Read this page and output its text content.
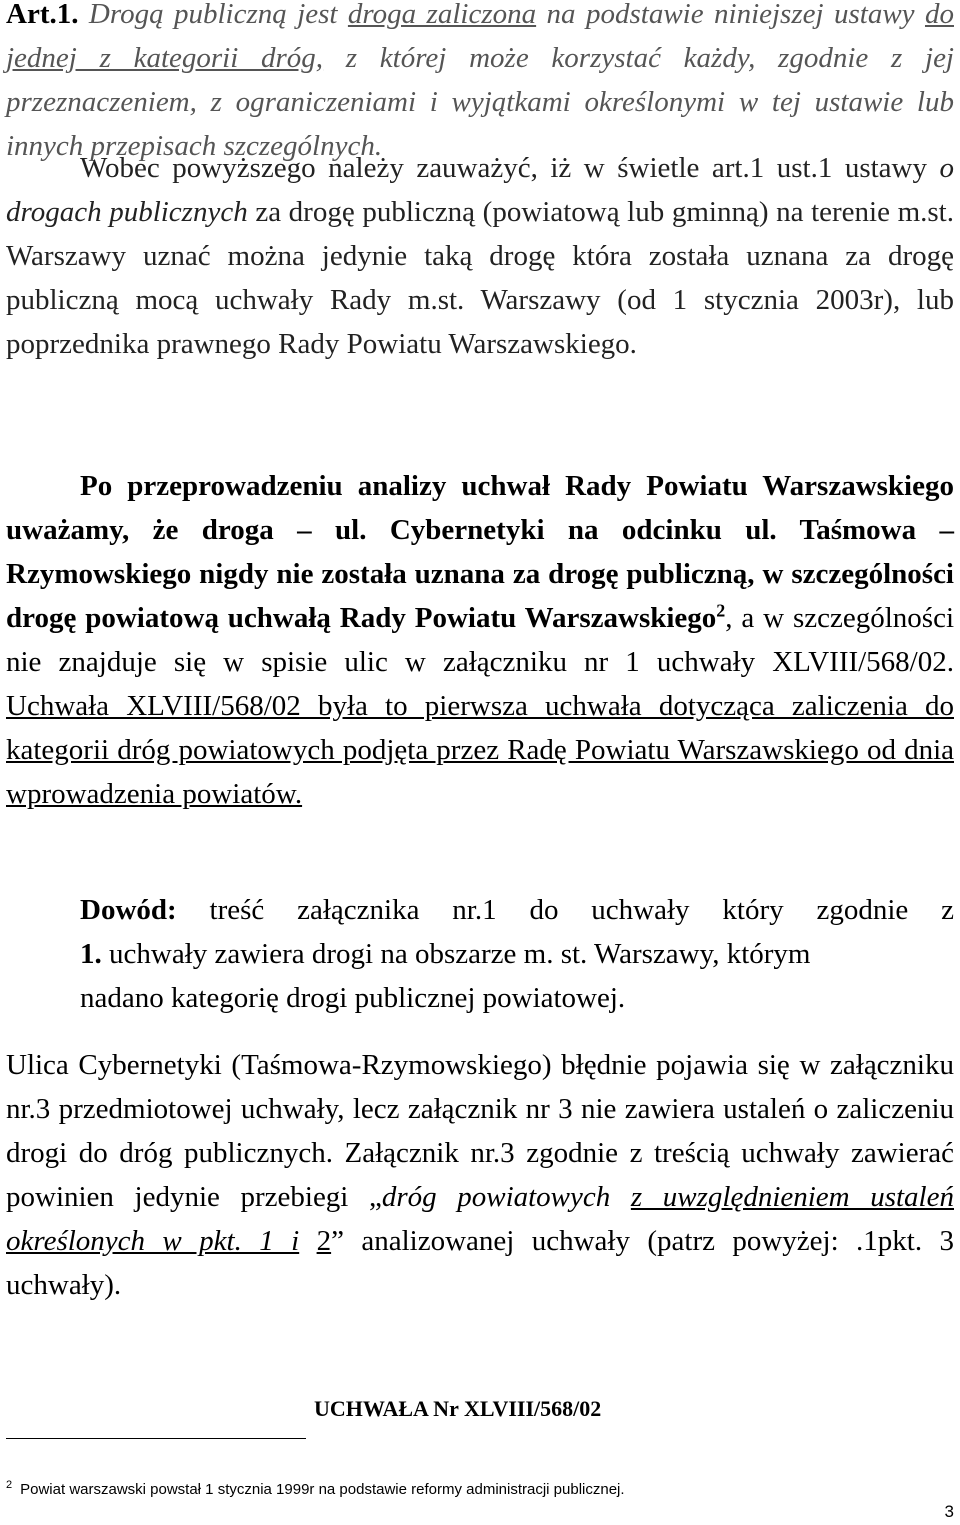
Art.1. Drogą publiczną jest droga zaliczona na podstawie niniejszej ustawy do jednej z kategorii dróg, z której może korzystać każdy, zgodnie z jej przeznaczeniem, z ograniczeniami i wyjątkami określonymi w tej ustawie lub innych przepisach szczególnych.

Wobec powyższego należy zauważyć, iż w świetle art.1 ust.1 ustawy o drogach publicznych za drogę publiczną (powiatową lub gminną) na terenie m.st. Warszawy uznać można jedynie taką drogę która została uznana za drogę publiczną mocą uchwały Rady m.st. Warszawy (od 1 stycznia 2003r), lub poprzednika prawnego Rady Powiatu Warszawskiego.

Po przeprowadzeniu analizy uchwał Rady Powiatu Warszawskiego uważamy, że droga – ul. Cybernetyki na odcinku ul. Taśmowa – Rzymowskiego nigdy nie została uznana za drogę publiczną, w szczególności drogę powiatową uchwałą Rady Powiatu Warszawskiego$^2$, a w szczególności nie znajduje się w spisie ulic w załączniku nr 1 uchwały XLVIII/568/02. Uchwała XLVIII/568/02 była to pierwsza uchwała dotycząca zaliczenia do kategorii dróg powiatowych podjęta przez Radę Powiatu Warszawskiego od dnia wprowadzenia powiatów.

Dowód: treść załącznika nr.1 do uchwały który zgodnie z

1. uchwały zawiera drogi na obszarze m. st. Warszawy, którym

nadano kategorię drogi publicznej powiatowej.

Ulica Cybernetyki (Taśmowa-Rzymowskiego) błędnie pojawia się w załączniku nr.3 przedmiotowej uchwały, lecz załącznik nr 3 nie zawiera ustaleń o zaliczeniu drogi do dróg publicznych. Załącznik nr.3 zgodnie z treścią uchwały zawierać powinien jedynie przebiegi „dróg powiatowych z uwzględnieniem ustaleń określonych w pkt. 1 i 2” analizowanej uchwały (patrz powyżej: .1pkt. 3 uchwały).

UCHWAŁA Nr XLVIII/568/02
$^2$ Powiat warszawski powstał 1 stycznia 1999r na podstawie reformy administracji publicznej.
3
